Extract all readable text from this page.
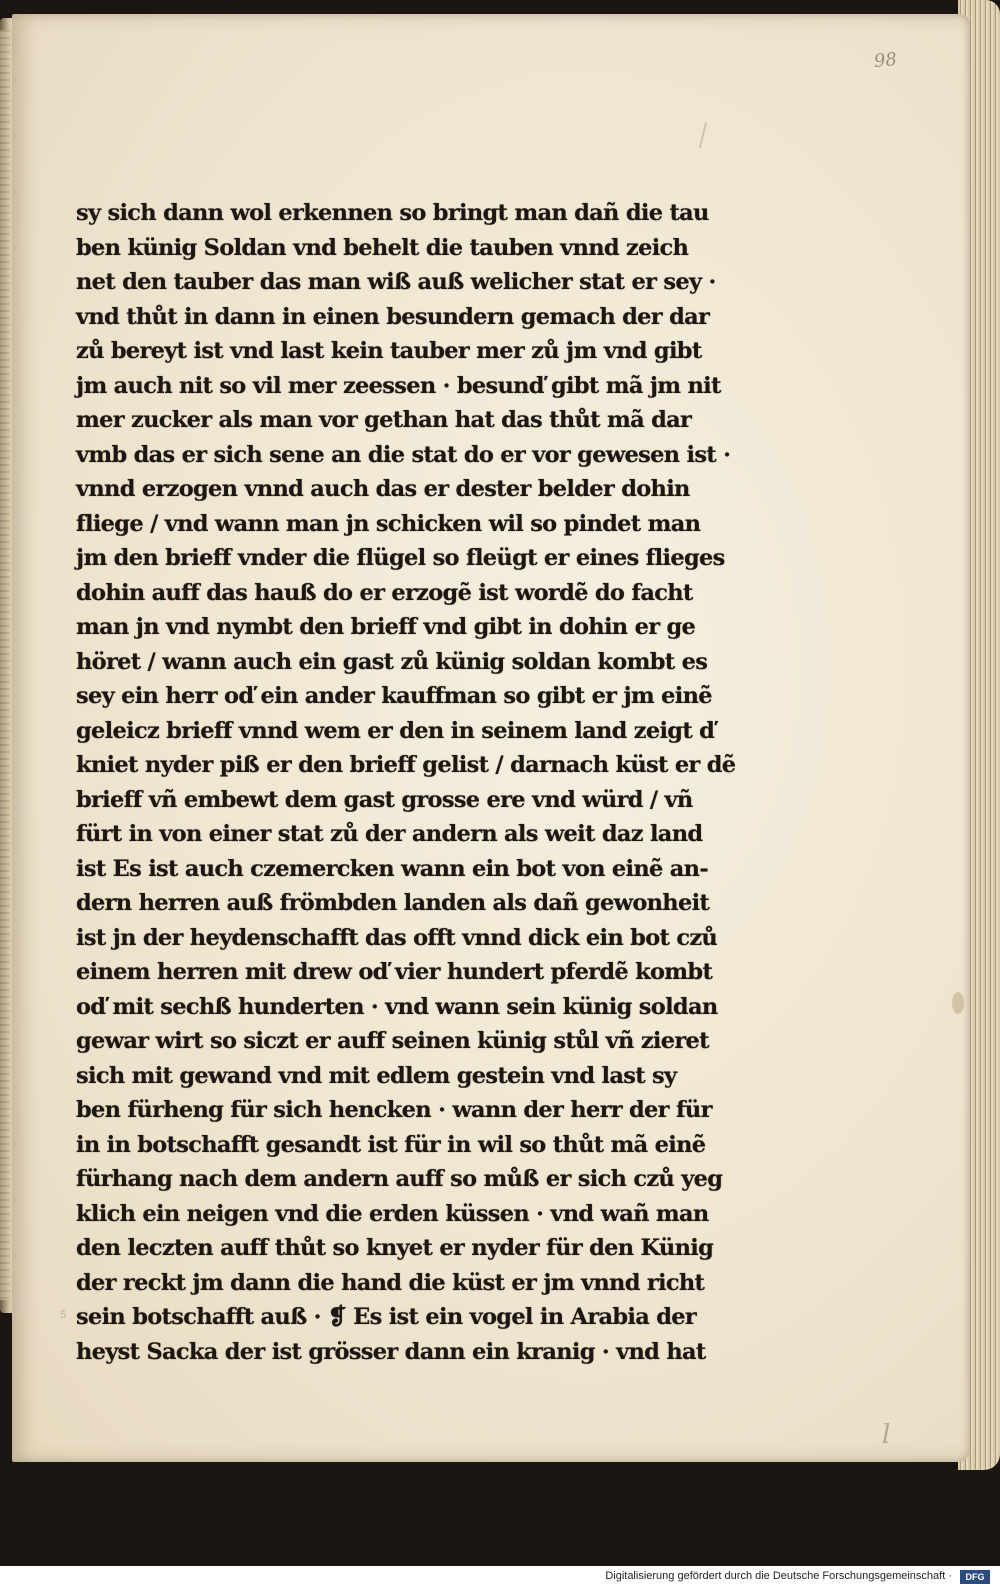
98
sy sich dann wol erkennen so bringt man dañ die tau
ben künig Soldan vnd behelt die tauben vnnd zeich
net den tauber das man wiß auß welicher stat er sey ·
vnd thůt in dann in einen besundern gemach der dar
zů bereyt ist vnd last kein tauber mer zů jm vnd gibt
jm auch nit so vil mer zeessen · besunď gibt mã jm nit
mer zucker als man vor gethan hat das thůt mã dar
vmb das er sich sene an die stat do er vor gewesen ist ·
vnnd erzogen vnnd auch das er dester belder dohin
fliege / vnd wann man jn schicken wil so pindet man
jm den brieff vnder die flügel so fleügt er eines flieges
dohin auff das hauß do er erzogẽ ist wordẽ do facht
man jn vnd nymbt den brieff vnd gibt in dohin er ge
höret / wann auch ein gast zů künig soldan kombt es
sey ein herr oď ein ander kauffman so gibt er jm einẽ
geleicz brieff vnnd wem er den in seinem land zeigt ď
kniet nyder piß er den brieff gelist / darnach küst er dẽ
brieff vñ embewt dem gast grosse ere vnd würd / vñ
fürt in von einer stat zů der andern als weit daz land
ist Es ist auch czemercken wann ein bot von einẽ an-
dern herren auß frömbden landen als dañ gewonheit
ist jn der heydenschafft das offt vnnd dick ein bot czů
einem herren mit drew oď vier hundert pferdẽ kombt
oď mit sechß hunderten · vnd wann sein künig soldan
gewar wirt so siczt er auff seinen künig stůl vñ zieret
sich mit gewand vnd mit edlem gestein vnd last sy
ben fürheng für sich hencken · wann der herr der für
in in botschafft gesandt ist für in wil so thůt mã einẽ
fürhang nach dem andern auff so můß er sich czů yeg
klich ein neigen vnd die erden küssen · vnd wañ man
den leczten auff thůt so knyet er nyder für den Künig
der reckt jm dann die hand die küst er jm vnnd richt
sein botschafft auß · ❡ Es ist ein vogel in Arabia der
heyst Sacka der ist grösser dann ein kranig · vnd hat
5
l
Digitalisierung gefördert durch die Deutsche Forschungsgemeinschaft ·	DFG
